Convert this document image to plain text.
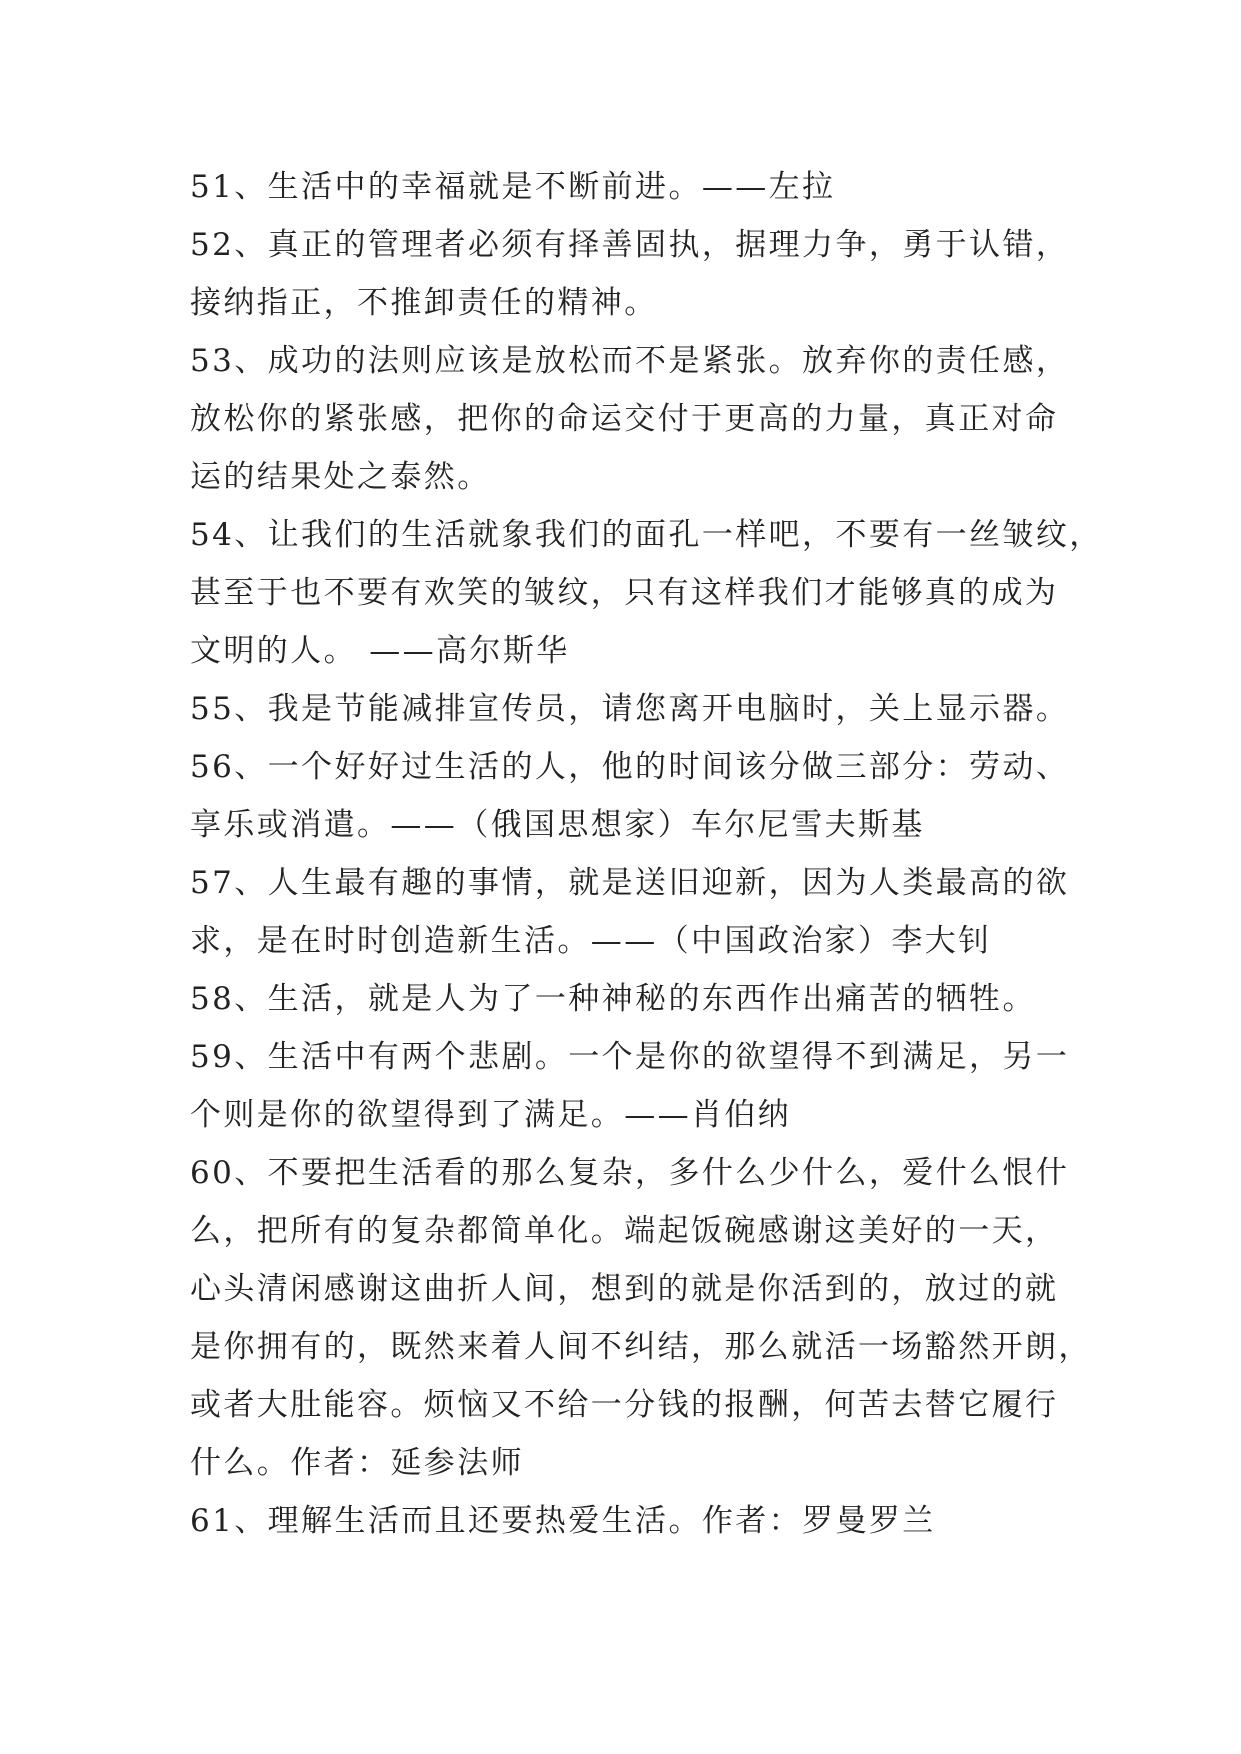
51、生活中的幸福就是不断前进。——左拉
52、真正的管理者必须有择善固执，据理力争，勇于认错，
接纳指正，不推卸责任的精神。
53、成功的法则应该是放松而不是紧张。放弃你的责任感，
放松你的紧张感，把你的命运交付于更高的力量，真正对命
运的结果处之泰然。
54、让我们的生活就象我们的面孔一样吧，不要有一丝皱纹，
甚至于也不要有欢笑的皱纹，只有这样我们才能够真的成为
文明的人。 ——高尔斯华
55、我是节能减排宣传员，请您离开电脑时，关上显示器。
56、一个好好过生活的人，他的时间该分做三部分：劳动、
享乐或消遣。——（俄国思想家）车尔尼雪夫斯基
57、人生最有趣的事情，就是送旧迎新，因为人类最高的欲
求，是在时时创造新生活。——（中国政治家）李大钊
58、生活，就是人为了一种神秘的东西作出痛苦的牺牲。
59、生活中有两个悲剧。一个是你的欲望得不到满足，另一
个则是你的欲望得到了满足。——肖伯纳
60、不要把生活看的那么复杂，多什么少什么，爱什么恨什
么，把所有的复杂都简单化。端起饭碗感谢这美好的一天，
心头清闲感谢这曲折人间，想到的就是你活到的，放过的就
是你拥有的，既然来着人间不纠结，那么就活一场豁然开朗，
或者大肚能容。烦恼又不给一分钱的报酬，何苦去替它履行
什么。作者：延参法师
61、理解生活而且还要热爱生活。作者：罗曼罗兰
